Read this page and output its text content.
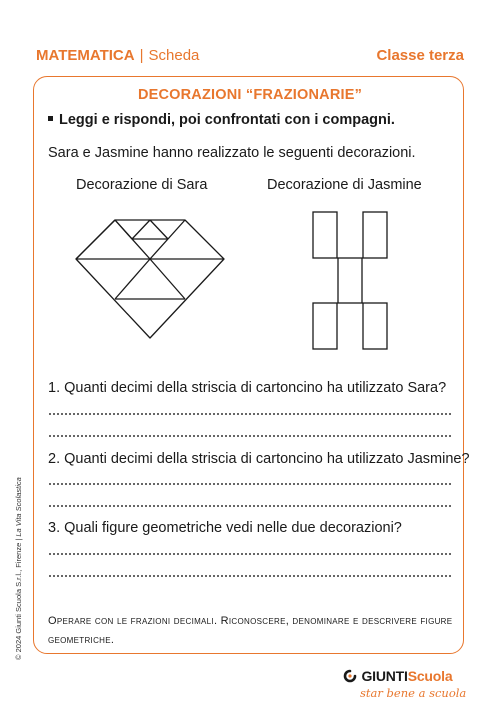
MATEMATICA | Scheda	Classe terza
DECORAZIONI “FRAZIONARIE”
Leggi e rispondi, poi confrontati con i compagni.
Sara e Jasmine hanno realizzato le seguenti decorazioni.
Decorazione di Sara	Decorazione di Jasmine
1. Quanti decimi della striscia di cartoncino ha utilizzato Sara?
2. Quanti decimi della striscia di cartoncino ha utilizzato Jasmine?
3. Quali figure geometriche vedi nelle due decorazioni?
Operare con le frazioni decimali. Riconoscere, denominare e descrivere figure geometriche.
© 2024 Giunti Scuola S.r.l., Firenze | La Vita Scolastica
GIUNTIScuola
star bene a scuola
